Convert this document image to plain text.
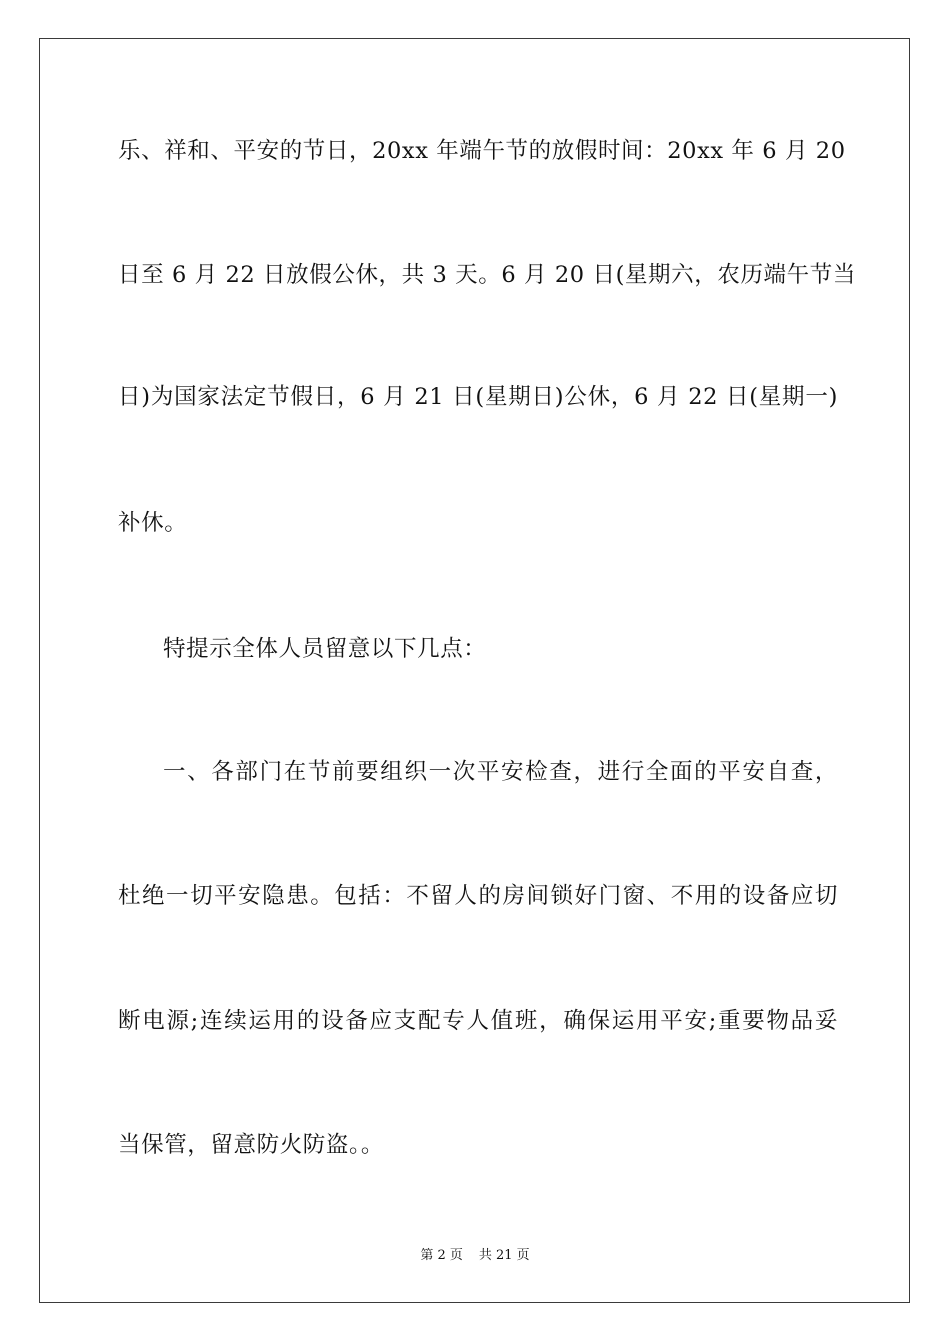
乐、祥和、平安的节日，20xx 年端午节的放假时间：20xx 年 6 月 20
日至 6 月 22 日放假公休，共 3 天。6 月 20 日(星期六，农历端午节当
日)为国家法定节假日，6 月 21 日(星期日)公休，6 月 22 日(星期一)
补休。
特提示全体人员留意以下几点：
一、各部门在节前要组织一次平安检查，进行全面的平安自查，
杜绝一切平安隐患。包括：不留人的房间锁好门窗、不用的设备应切
断电源;连续运用的设备应支配专人值班，确保运用平安;重要物品妥
当保管，留意防火防盗。。
第 2 页 共 21 页
